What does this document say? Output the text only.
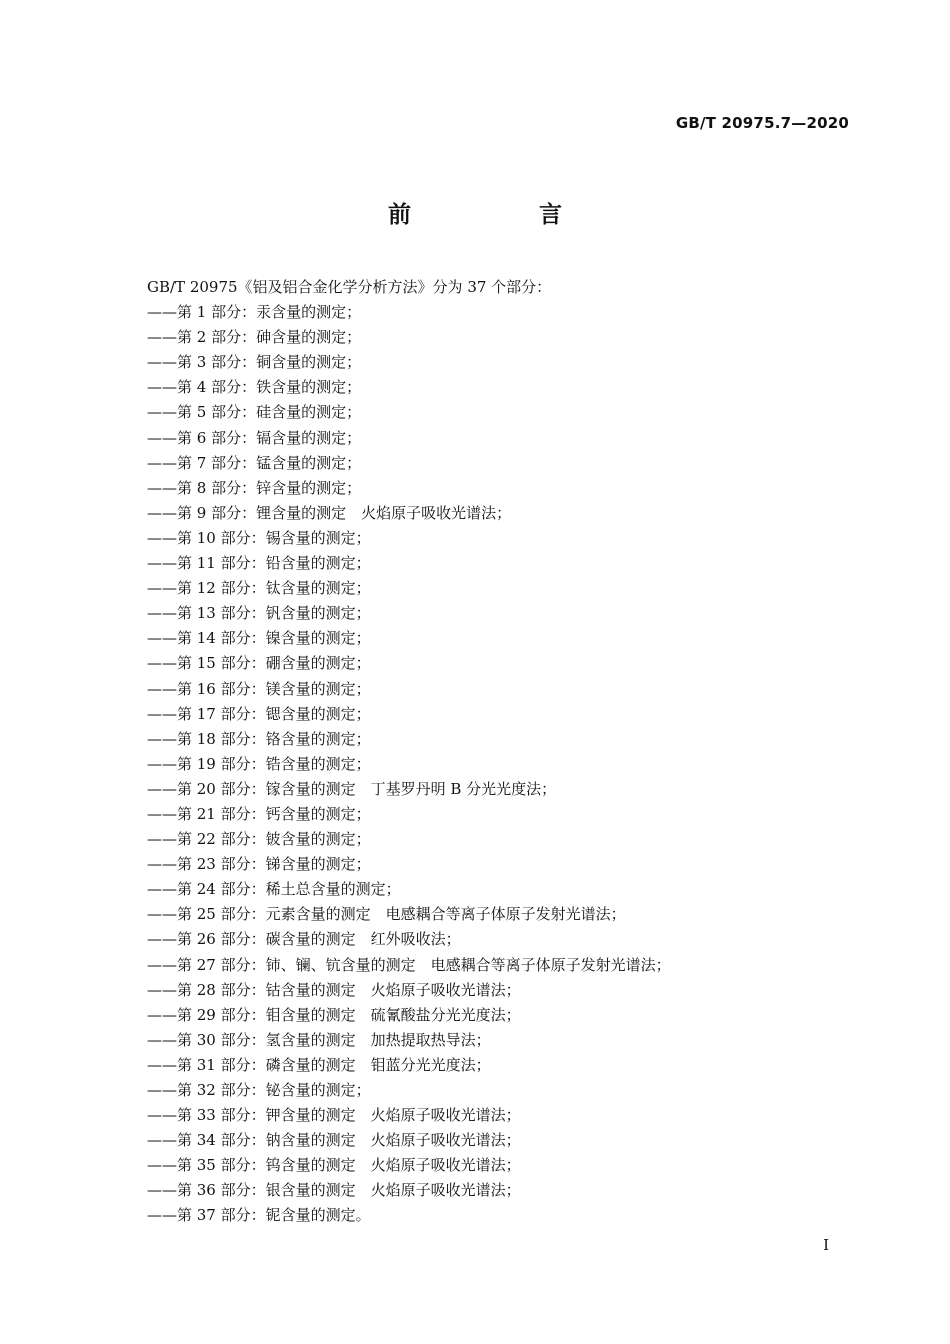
GB/T 20975.7—2020
前 言
GB/T 20975《铝及铝合金化学分析方法》分为 37 个部分：
——第 1 部分：汞含量的测定；
——第 2 部分：砷含量的测定；
——第 3 部分：铜含量的测定；
——第 4 部分：铁含量的测定；
——第 5 部分：硅含量的测定；
——第 6 部分：镉含量的测定；
——第 7 部分：锰含量的测定；
——第 8 部分：锌含量的测定；
——第 9 部分：锂含量的测定　火焰原子吸收光谱法；
——第 10 部分：锡含量的测定；
——第 11 部分：铅含量的测定；
——第 12 部分：钛含量的测定；
——第 13 部分：钒含量的测定；
——第 14 部分：镍含量的测定；
——第 15 部分：硼含量的测定；
——第 16 部分：镁含量的测定；
——第 17 部分：锶含量的测定；
——第 18 部分：铬含量的测定；
——第 19 部分：锆含量的测定；
——第 20 部分：镓含量的测定　丁基罗丹明 B 分光光度法；
——第 21 部分：钙含量的测定；
——第 22 部分：铍含量的测定；
——第 23 部分：锑含量的测定；
——第 24 部分：稀土总含量的测定；
——第 25 部分：元素含量的测定　电感耦合等离子体原子发射光谱法；
——第 26 部分：碳含量的测定　红外吸收法；
——第 27 部分：铈、镧、钪含量的测定　电感耦合等离子体原子发射光谱法；
——第 28 部分：钴含量的测定　火焰原子吸收光谱法；
——第 29 部分：钼含量的测定　硫氰酸盐分光光度法；
——第 30 部分：氢含量的测定　加热提取热导法；
——第 31 部分：磷含量的测定　钼蓝分光光度法；
——第 32 部分：铋含量的测定；
——第 33 部分：钾含量的测定　火焰原子吸收光谱法；
——第 34 部分：钠含量的测定　火焰原子吸收光谱法；
——第 35 部分：钨含量的测定　火焰原子吸收光谱法；
——第 36 部分：银含量的测定　火焰原子吸收光谱法；
——第 37 部分：铌含量的测定。
I
